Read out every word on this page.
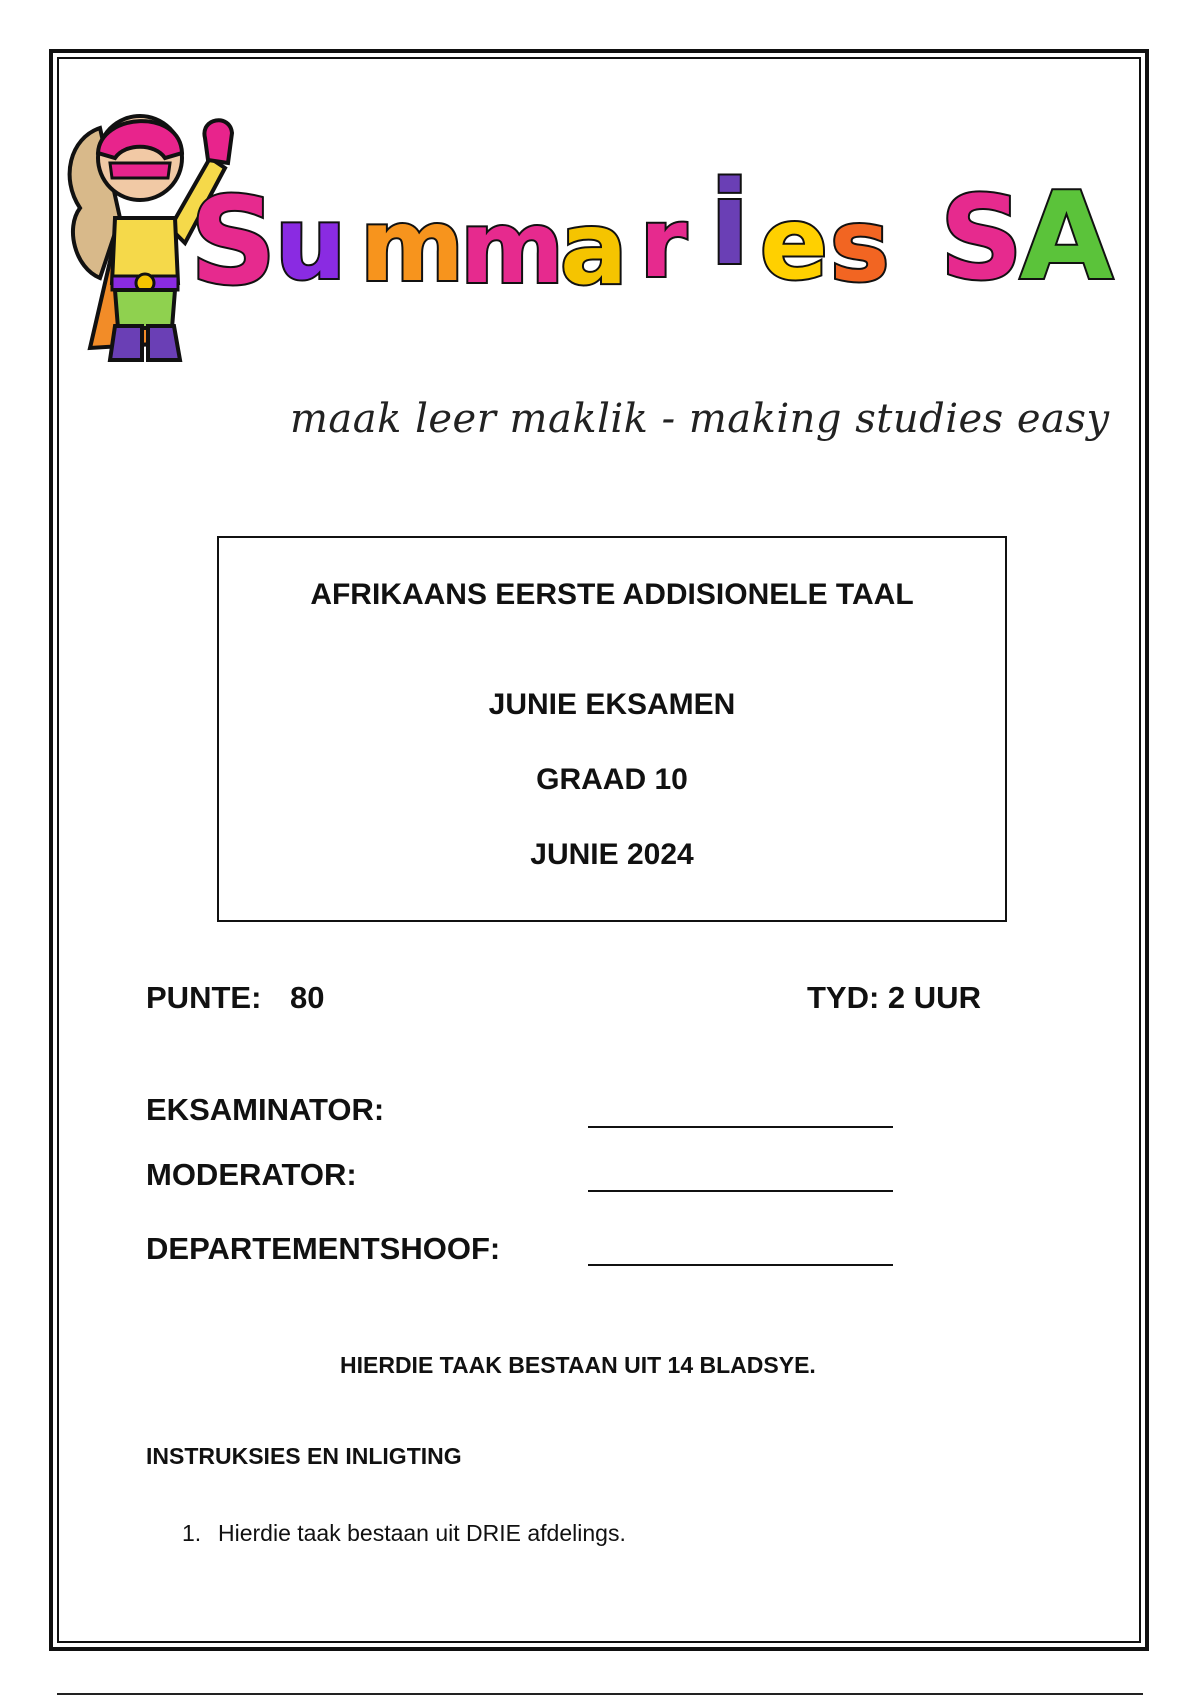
S
u m
m
a r i e s S
A
maak leer maklik - making studies easy
AFRIKAANS EERSTE ADDISIONELE TAAL
JUNIE EKSAMEN
GRAAD 10
JUNIE 2024
PUNTE: 80	TYD: 2 UUR
EKSAMINATOR:
MODERATOR:
DEPARTEMENTSHOOF:
HIERDIE TAAK BESTAAN UIT 14 BLADSYE.
INSTRUKSIES EN INLIGTING
1. Hierdie taak bestaan uit DRIE afdelings.
